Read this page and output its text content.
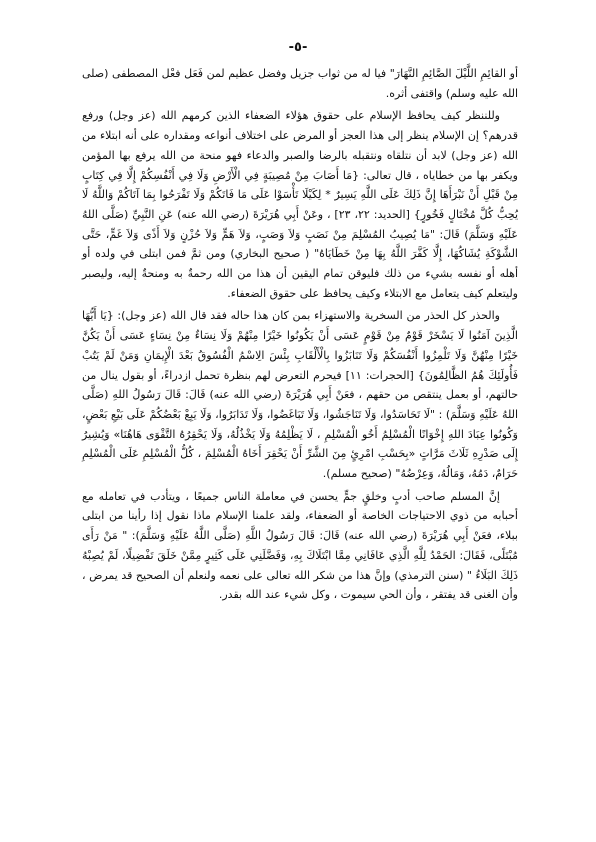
-٥-

أو القائِمِ اللَّيْلَ الصَّائِمِ النَّهَارَ" فيا له من ثواب جزيل وفضل عظيم لمن فَعَل فعْل المصطفى (صلى الله عليه وسلم) واقتفى أثره.

وللننظر كيف يحافظ الإسلام على حقوق هؤلاء الضعفاء الذين كرمهم الله (عز وجل) ورفع قدرهم؟ إن الإسلام ينظر إلى هذا العجز أو المرض على اختلاف أنواعه ومقداره على أنه ابتلاء من الله (عز وجل) لابد أن نتلقاه ونتقبله بالرضا والصبر والدعاء فهو منحة من الله يرفع بها المؤمن ويكفر بها من خطاياه ، قال تعالى: {مَا أَصَابَ مِنْ مُصِيبَةٍ فِي الْأَرْضِ وَلَا فِي أَنْفُسِكُمْ إِلَّا فِي كِتَابٍ مِنْ قَبْلِ أَنْ نَبْرَأَهَا إِنَّ ذَلِكَ عَلَى اللَّهِ يَسِيرٌ * لِكَيْلَا تَأْسَوْا عَلَى مَا فَاتَكُمْ وَلَا تَفْرَحُوا بِمَا آتَاكُمْ وَاللَّهُ لَا يُحِبُّ كُلَّ مُخْتَالٍ فَخُورٍ} [الحديد: ٢٢، ٢٣] ، وعَنْ أَبِي هُرَيْرَةَ (رضي الله عنه) عَنِ النَّبِيِّ (صَلَّى اللهُ عَلَيْهِ وَسَلَّمَ) قَالَ: "مَا يُصِيبُ المُسْلِمَ مِنْ نَصَبٍ وَلاَ وَصَبٍ، وَلاَ هَمٍّ وَلاَ حُزْنٍ وَلاَ أَذًى وَلاَ غَمٍّ، حَتَّى الشَّوْكَةِ يُشَاكُهَا، إِلَّا كَفَّرَ اللَّهُ بِهَا مِنْ خَطَايَاهُ" ( صحيح البخاري) ومن ثمَّ فمن ابتلى في ولده أو أهله أو نفسه بشيء من ذلك فليوقن تمام اليقين أن هذا من الله رحمةٌ به ومنحةٌ إليه، وليصبر وليتعلم كيف يتعامل مع الابتلاء وكيف يحافظ على حقوق الضعفاء.

والحذر كل الحذر من السخرية والاستهزاء بمن كان هذا حاله فقد قال الله (عز وجل): {يَا أَيُّهَا الَّذِينَ آمَنُوا لَا يَسْخَرْ قَوْمٌ مِنْ قَوْمٍ عَسَى أَنْ يَكُونُوا خَيْرًا مِنْهُمْ وَلَا نِسَاءٌ مِنْ نِسَاءٍ عَسَى أَنْ يَكُنَّ خَيْرًا مِنْهُنَّ وَلَا تَلْمِزُوا أَنْفُسَكُمْ وَلَا تَنَابَزُوا بِالْأَلْقَابِ بِئْسَ الِاسْمُ الْفُسُوقُ بَعْدَ الْإِيمَانِ وَمَنْ لَمْ يَتُبْ فَأُولَئِكَ هُمُ الظَّالِمُونَ} [الحجرات: ١١] فيحرم التعرض لهم بنظرة تحمل ازدراءً، أو بقول ينال من حالتهم، أو بعمل ينتقص من حقهم ، فعَنْ أَبِي هُرَيْرَةَ (رضي الله عنه) قَالَ: قَالَ رَسُولُ اللهِ (صَلَّى اللهُ عَلَيْهِ وَسَلَّمَ) : "لَا تَحَاسَدُوا، وَلَا تَنَاجَشُوا، وَلَا تَبَاغَضُوا، وَلَا تَدَابَرُوا، وَلَا يَبِعْ بَعْضُكُمْ عَلَى بَيْعِ بَعْضٍ، وَكُونُوا عِبَادَ اللهِ إِخْوَانًا الْمُسْلِمُ أَخُو الْمُسْلِمِ ، لَا يَظْلِمُهُ وَلَا يَخْذُلُهُ، وَلَا يَحْقِرُهُ التَّقْوَى هَاهُنَا» وَيُشِيرُ إِلَى صَدْرِهِ ثَلَاثَ مَرَّاتٍ «بِحَسْبِ امْرِئٍ مِنَ الشَّرِّ أَنْ يَحْقِرَ أَخَاهُ الْمُسْلِمَ ، كُلُّ الْمُسْلِمِ عَلَى الْمُسْلِمِ حَرَامٌ، دَمُهُ، وَمَالُهُ، وَعِرْضُهُ" (صحيح مسلم).

إنَّ المسلم صاحب أدبٍ وخلقٍ جمٍّ يحسن في معاملة الناس جميعًا ، ويتأدب في تعامله مع أحبابه من ذوي الاحتياجات الخاصة أو الضعفاء، ولقد علمنا الإسلام ماذا نقول إذا رأينا من ابتلى ببلاء، فعَنْ أَبِي هُرَيْرَةَ (رضي الله عنه) قَالَ: قَالَ رَسُولُ اللَّهِ (صَلَّى اللَّهُ عَلَيْهِ وَسَلَّمَ): " مَنْ رَأَى مُبْتَلًى، فَقَالَ: الحَمْدُ لِلَّهِ الَّذِي عَافَانِي مِمَّا ابْتَلَاكَ بِهِ، وَفَضَّلَنِي عَلَى كَثِيرٍ مِمَّنْ خَلَقَ تَفْضِيلًا، لَمْ يُصِبْهُ ذَلِكَ البَلَاءُ " (سنن الترمذي) وإنَّ هذا من شكر الله تعالى على نعمه ولنعلم أن الصحيح قد يمرض ، وأن الغنى قد يفتقر ، وأن الحي سيموت ، وكل شيء عند الله بقدر.
